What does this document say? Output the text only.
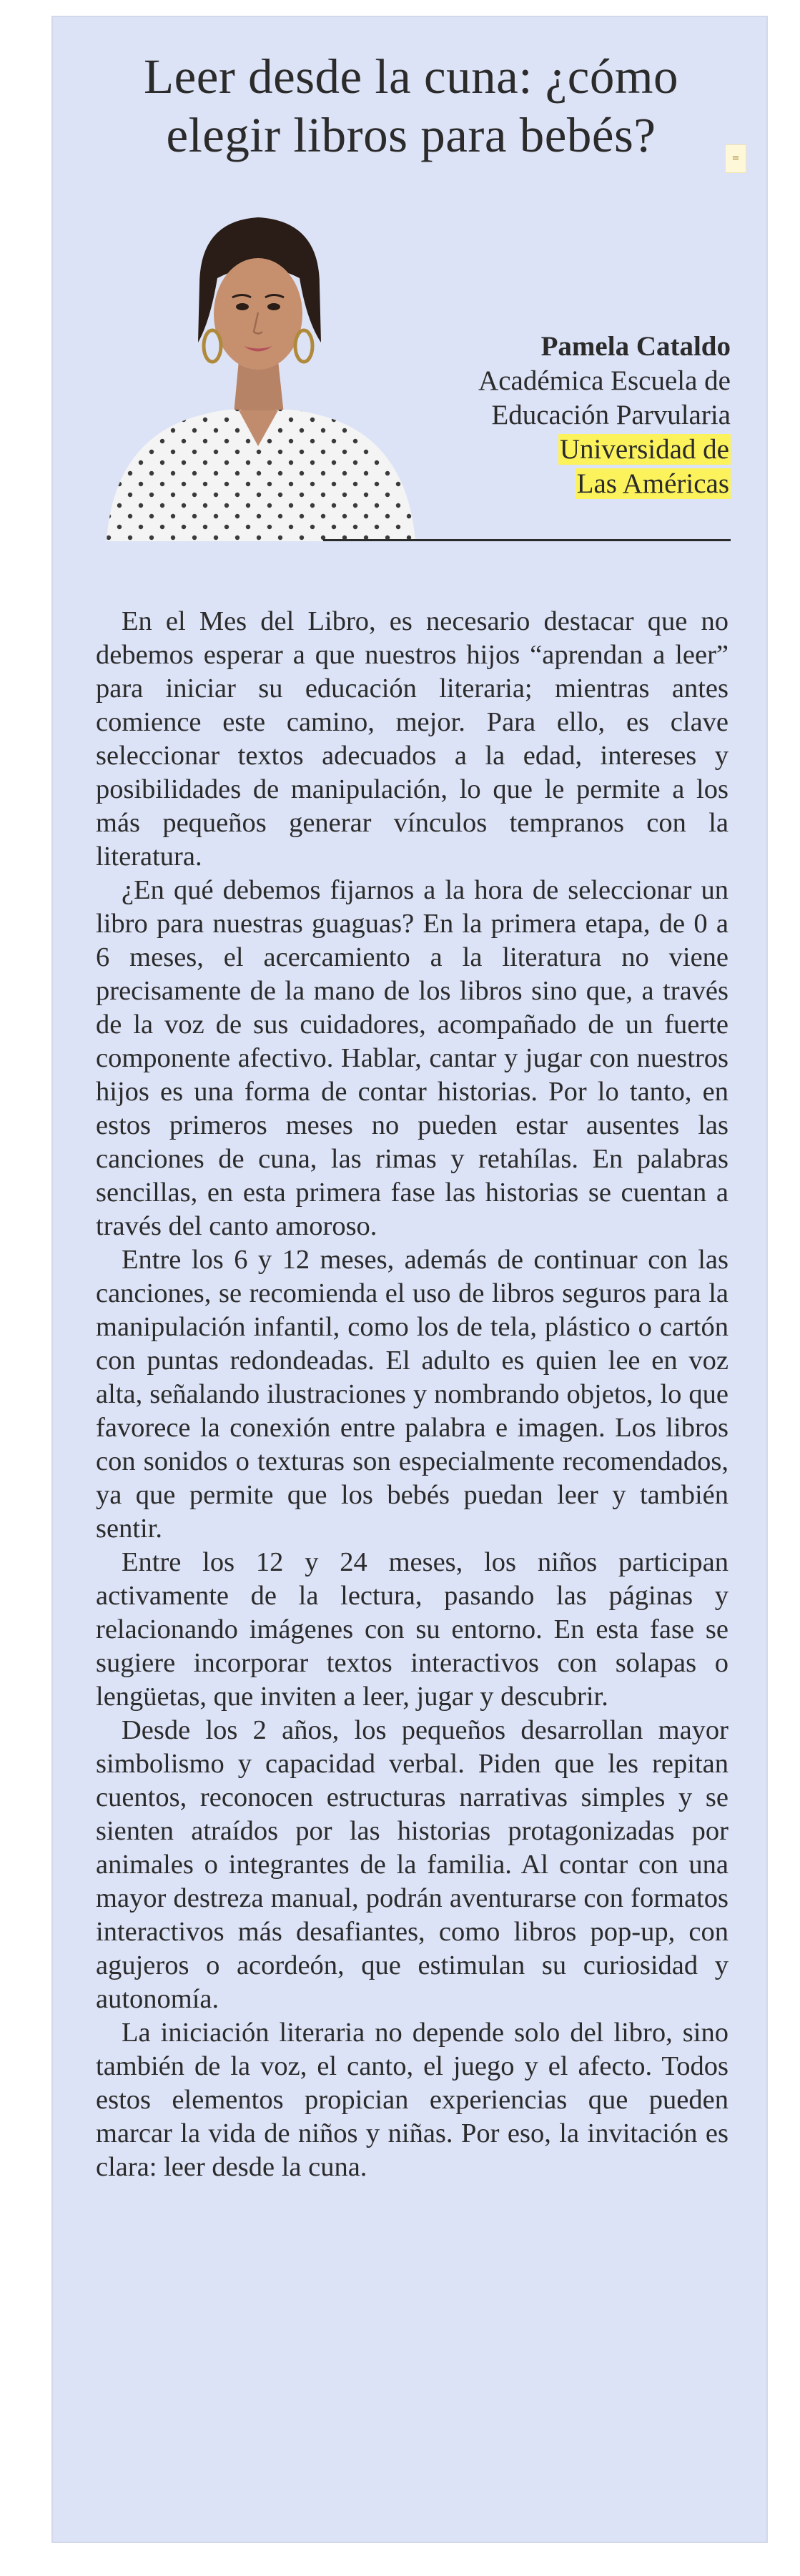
Leer desde la cuna: ¿cómo elegir libros para bebés?	≡
Pamela Cataldo
Académica Escuela de
Educación Parvularia
Universidad de
Las Américas

En el Mes del Libro, es necesario destacar que no debemos esperar a que nuestros hijos “aprendan a leer” para iniciar su educación literaria; mientras antes comience este camino, mejor. Para ello, es clave seleccionar textos adecuados a la edad, intereses y posibilidades de manipulación, lo que le permite a los más pequeños generar vínculos tempranos con la literatura.

¿En qué debemos fijarnos a la hora de seleccionar un libro para nuestras guaguas? En la primera etapa, de 0 a 6 meses, el acercamiento a la literatura no viene precisamente de la mano de los libros sino que, a través de la voz de sus cuidadores, acompañado de un fuerte componente afectivo. Hablar, cantar y jugar con nuestros hijos es una forma de contar historias. Por lo tanto, en estos primeros meses no pueden estar ausentes las canciones de cuna, las rimas y retahílas. En palabras sencillas, en esta primera fase las historias se cuentan a través del canto amoroso.

Entre los 6 y 12 meses, además de continuar con las canciones, se recomienda el uso de libros seguros para la manipulación infantil, como los de tela, plástico o cartón con puntas redondeadas. El adulto es quien lee en voz alta, señalando ilustraciones y nombrando objetos, lo que favorece la conexión entre palabra e imagen. Los libros con sonidos o texturas son especialmente recomendados, ya que permite que los bebés puedan leer y también sentir.

Entre los 12 y 24 meses, los niños participan activamente de la lectura, pasando las páginas y relacionando imágenes con su entorno. En esta fase se sugiere incorporar textos interactivos con solapas o lengüetas, que inviten a leer, jugar y descubrir.

Desde los 2 años, los pequeños desarrollan mayor simbolismo y capacidad verbal. Piden que les repitan cuentos, reconocen estructuras narrativas simples y se sienten atraídos por las historias protagonizadas por animales o integrantes de la familia. Al contar con una mayor destreza manual, podrán aventurarse con formatos interactivos más desafiantes, como libros pop-up, con agujeros o acordeón, que estimulan su curiosidad y autonomía.

La iniciación literaria no depende solo del libro, sino también de la voz, el canto, el juego y el afecto. Todos estos elementos propician experiencias que pueden marcar la vida de niños y niñas. Por eso, la invitación es clara: leer desde la cuna.
